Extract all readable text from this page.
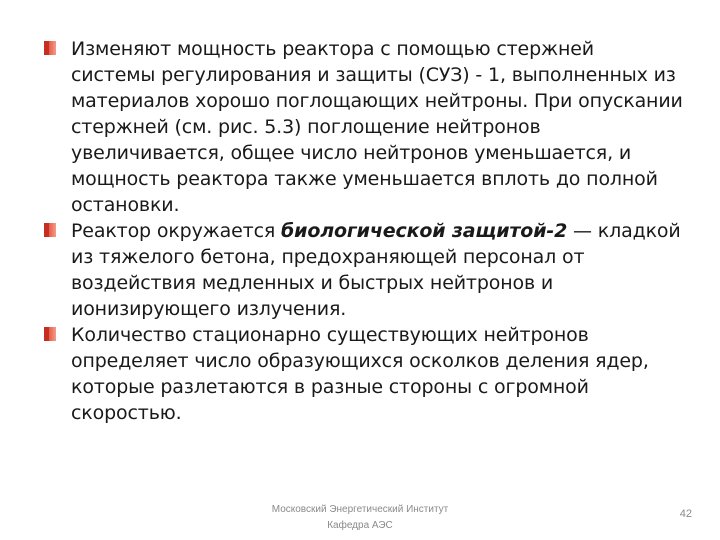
Изменяют мощность реактора с помощью стержней системы регулирования и защиты (СУЗ) - 1, выполненных из материалов хорошо поглощающих нейтроны. При опускании стержней (см. рис. 5.3) поглощение нейтронов увеличивается, общее число нейтронов уменьшается, и мощность реактора также уменьшается вплоть до полной остановки.
Реактор окружается биологической защитой-2 — кладкой из тяжелого бетона, предохраняющей персонал от воздействия медленных и быстрых нейтронов и ионизирующего излучения.
Количество стационарно существующих нейтронов определяет число образующихся осколков деления ядер, которые разлетаются в разные стороны с огромной скоростью.
Московский Энергетический Институт
Кафедра АЭС
42
